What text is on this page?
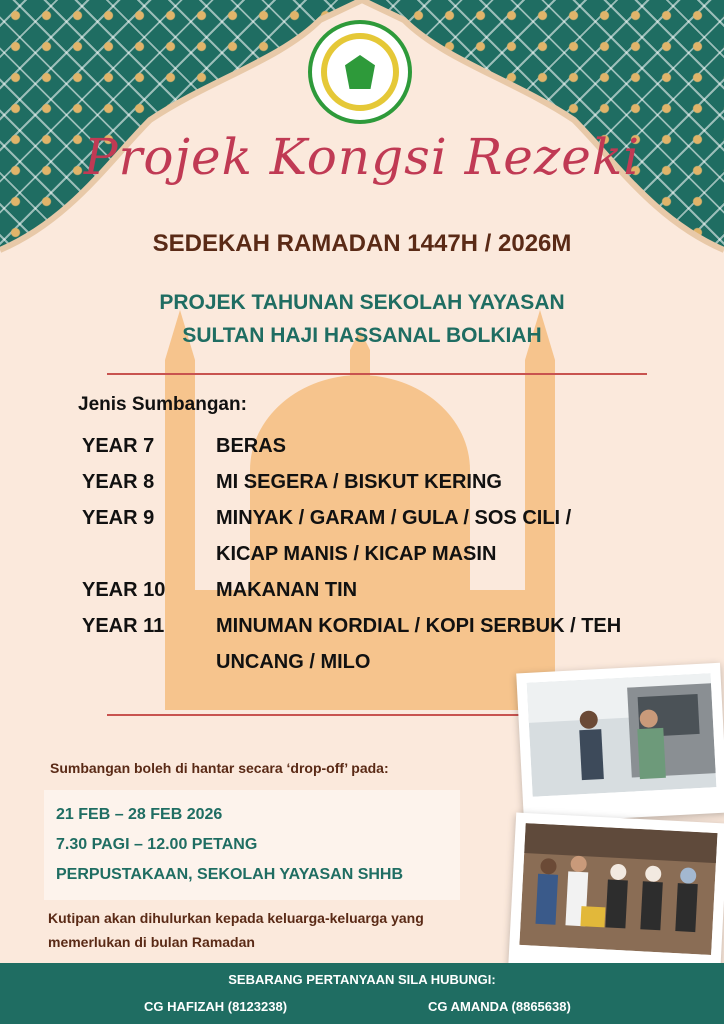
Projek Kongsi Rezeki
SEDEKAH RAMADAN 1447H / 2026M
PROJEK TAHUNAN SEKOLAH YAYASAN
SULTAN HAJI HASSANAL BOLKIAH
Jenis Sumbangan:
YEAR 7	BERAS
YEAR 8	MI SEGERA / BISKUT KERING
YEAR 9	MINYAK / GARAM / GULA / SOS CILI /
KICAP MANIS / KICAP MASIN
YEAR 10	MAKANAN TIN
YEAR 11	MINUMAN KORDIAL / KOPI SERBUK / TEH
UNCANG / MILO
Sumbangan boleh di hantar secara ‘drop-off’ pada:
21 FEB – 28 FEB 2026
7.30 PAGI – 12.00 PETANG
PERPUSTAKAAN, SEKOLAH YAYASAN SHHB
Kutipan akan dihulurkan kepada keluarga-keluarga yang
memerlukan di bulan Ramadan
SEBARANG PERTANYAAN SILA HUBUNGI:
CG HAFIZAH (8123238)	CG AMANDA (8865638)
